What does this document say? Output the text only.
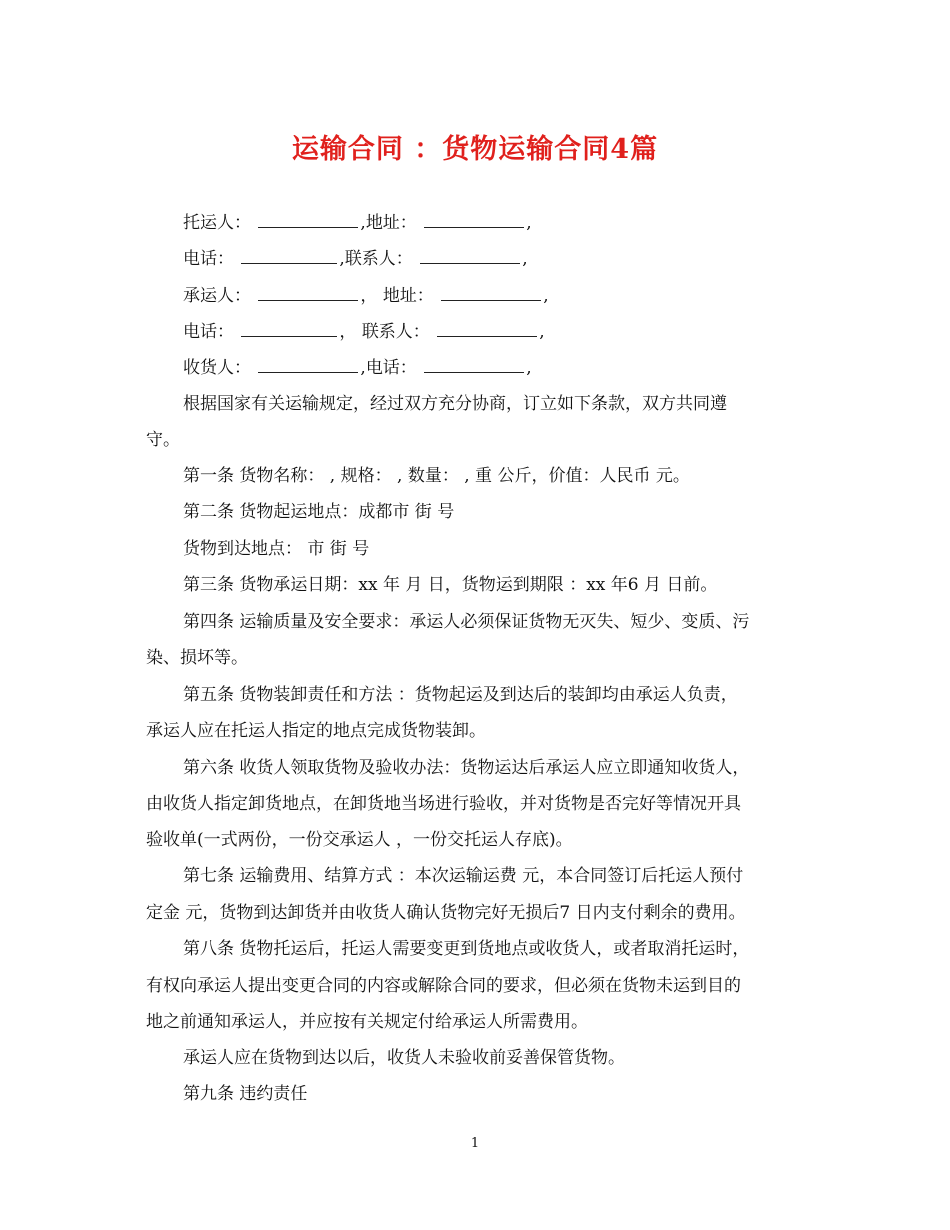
运输合同 ：货物运输合同4篇
托运人：	,地址：	,
电话：	,联系人：	,
承运人：	， 地址：	,
电话：	， 联系人：	,
收货人：	,电话：	,
根据国家有关运输规定，经过双方充分协商，订立如下条款，双方共同遵
守。
第一条 货物名称： , 规格： , 数量： , 重 公斤，价值：人民币 元。
第二条 货物起运地点：成都市 街 号
货物到达地点： 市 街 号
第三条 货物承运日期：xx 年 月 日，货物运到期限 ：xx 年6 月 日前。
第四条 运输质量及安全要求：承运人必须保证货物无灭失、短少、变质、污
染、损坏等。
第五条 货物装卸责任和方法 ：货物起运及到达后的装卸均由承运人负责，
承运人应在托运人指定的地点完成货物装卸。
第六条 收货人领取货物及验收办法：货物运达后承运人应立即通知收货人，
由收货人指定卸货地点，在卸货地当场进行验收，并对货物是否完好等情况开具
验收单(一式两份，一份交承运人 ，一份交托运人存底)。
第七条 运输费用、结算方式 ：本次运输运费 元，本合同签订后托运人预付
定金 元，货物到达卸货并由收货人确认货物完好无损后7 日内支付剩余的费用。
第八条 货物托运后，托运人需要变更到货地点或收货人，或者取消托运时，
有权向承运人提出变更合同的内容或解除合同的要求，但必须在货物未运到目的
地之前通知承运人，并应按有关规定付给承运人所需费用。
承运人应在货物到达以后，收货人未验收前妥善保管货物。
第九条 违约责任
1
